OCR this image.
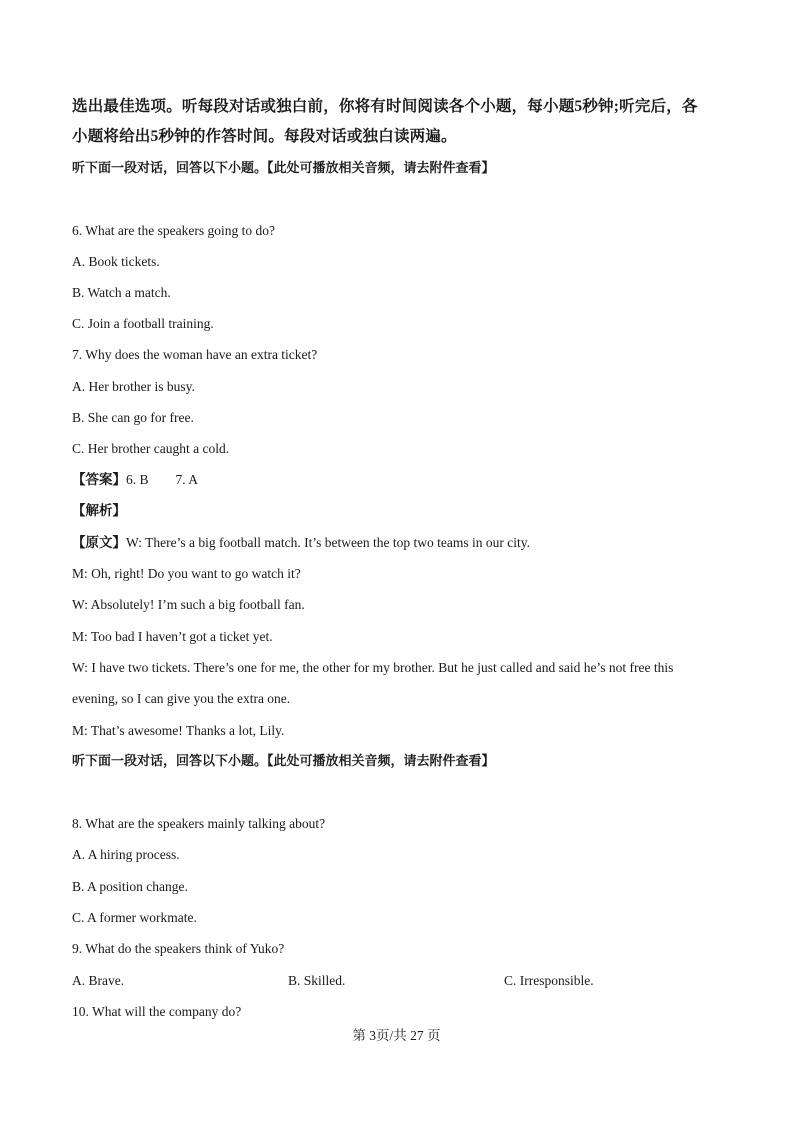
选出最佳选项。听每段对话或独白前，你将有时间阅读各个小题，每小题5秒钟;听完后，各
小题将给出5秒钟的作答时间。每段对话或独白读两遍。
听下面一段对话，回答以下小题。【此处可播放相关音频，请去附件查看】
6. What are the speakers going to do?
A. Book tickets.
B. Watch a match.
C. Join a football training.
7. Why does the woman have an extra ticket?
A. Her brother is busy.
B. She can go for free.
C. Her brother caught a cold.
【答案】6. B        7. A
【解析】
【原文】W: There’s a big football match. It’s between the top two teams in our city.
M: Oh, right! Do you want to go watch it?
W: Absolutely! I’m such a big football fan.
M: Too bad I haven’t got a ticket yet.
W: I have two tickets. There’s one for me, the other for my brother. But he just called and said he’s not free this
evening, so I can give you the extra one.
M: That’s awesome! Thanks a lot, Lily.
听下面一段对话，回答以下小题。【此处可播放相关音频，请去附件查看】
8. What are the speakers mainly talking about?
A. A hiring process.
B. A position change.
C. A former workmate.
9. What do the speakers think of Yuko?
A. Brave.	B. Skilled.	C. Irresponsible.
10. What will the company do?
第 3页/共 27 页
